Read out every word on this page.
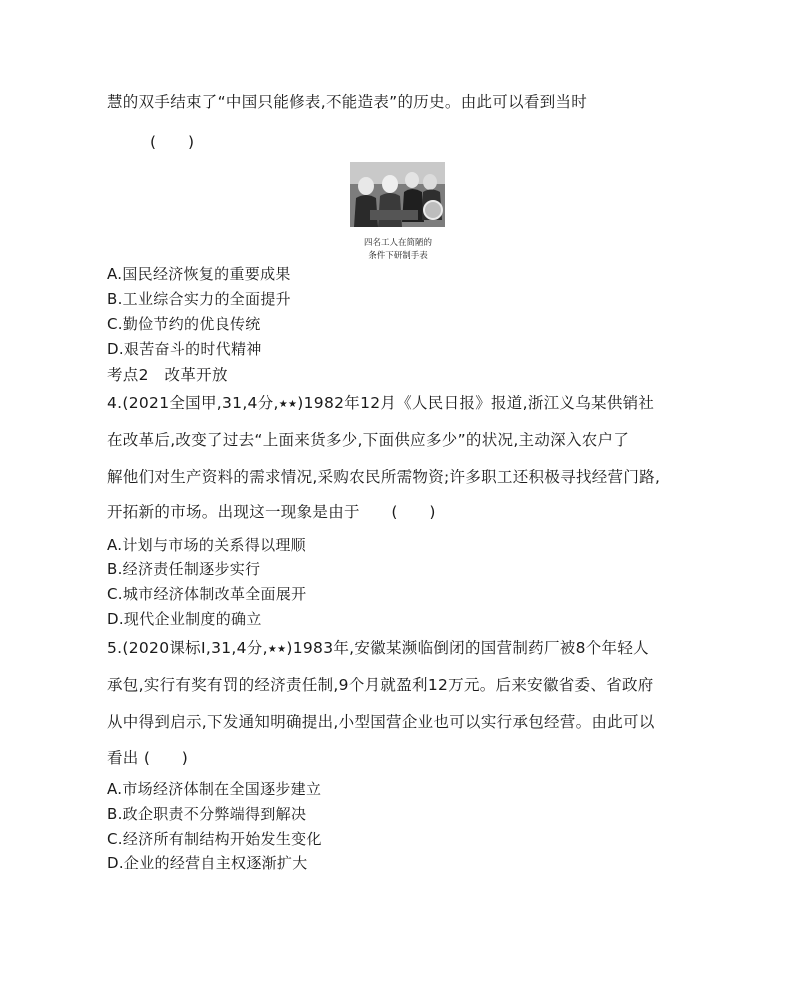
慧的双手结束了“中国只能修表,不能造表”的历史。由此可以看到当时
(　　)
四名工人在简陋的
条件下研制手表
A.国民经济恢复的重要成果
B.工业综合实力的全面提升
C.勤俭节约的优良传统
D.艰苦奋斗的时代精神
考点2　改革开放
4.(2021全国甲,31,4分,★★)1982年12月《人民日报》报道,浙江义乌某供销社
在改革后,改变了过去“上面来货多少,下面供应多少”的状况,主动深入农户了
解他们对生产资料的需求情况,采购农民所需物资;许多职工还积极寻找经营门路,
开拓新的市场。出现这一现象是由于　　(　　)
A.计划与市场的关系得以理顺
B.经济责任制逐步实行
C.城市经济体制改革全面展开
D.现代企业制度的确立
5.(2020课标Ⅰ,31,4分,★★)1983年,安徽某濒临倒闭的国营制药厂被8个年轻人
承包,实行有奖有罚的经济责任制,9个月就盈利12万元。后来安徽省委、省政府
从中得到启示,下发通知明确提出,小型国营企业也可以实行承包经营。由此可以
看出 (　　)
A.市场经济体制在全国逐步建立
B.政企职责不分弊端得到解决
C.经济所有制结构开始发生变化
D.企业的经营自主权逐渐扩大
